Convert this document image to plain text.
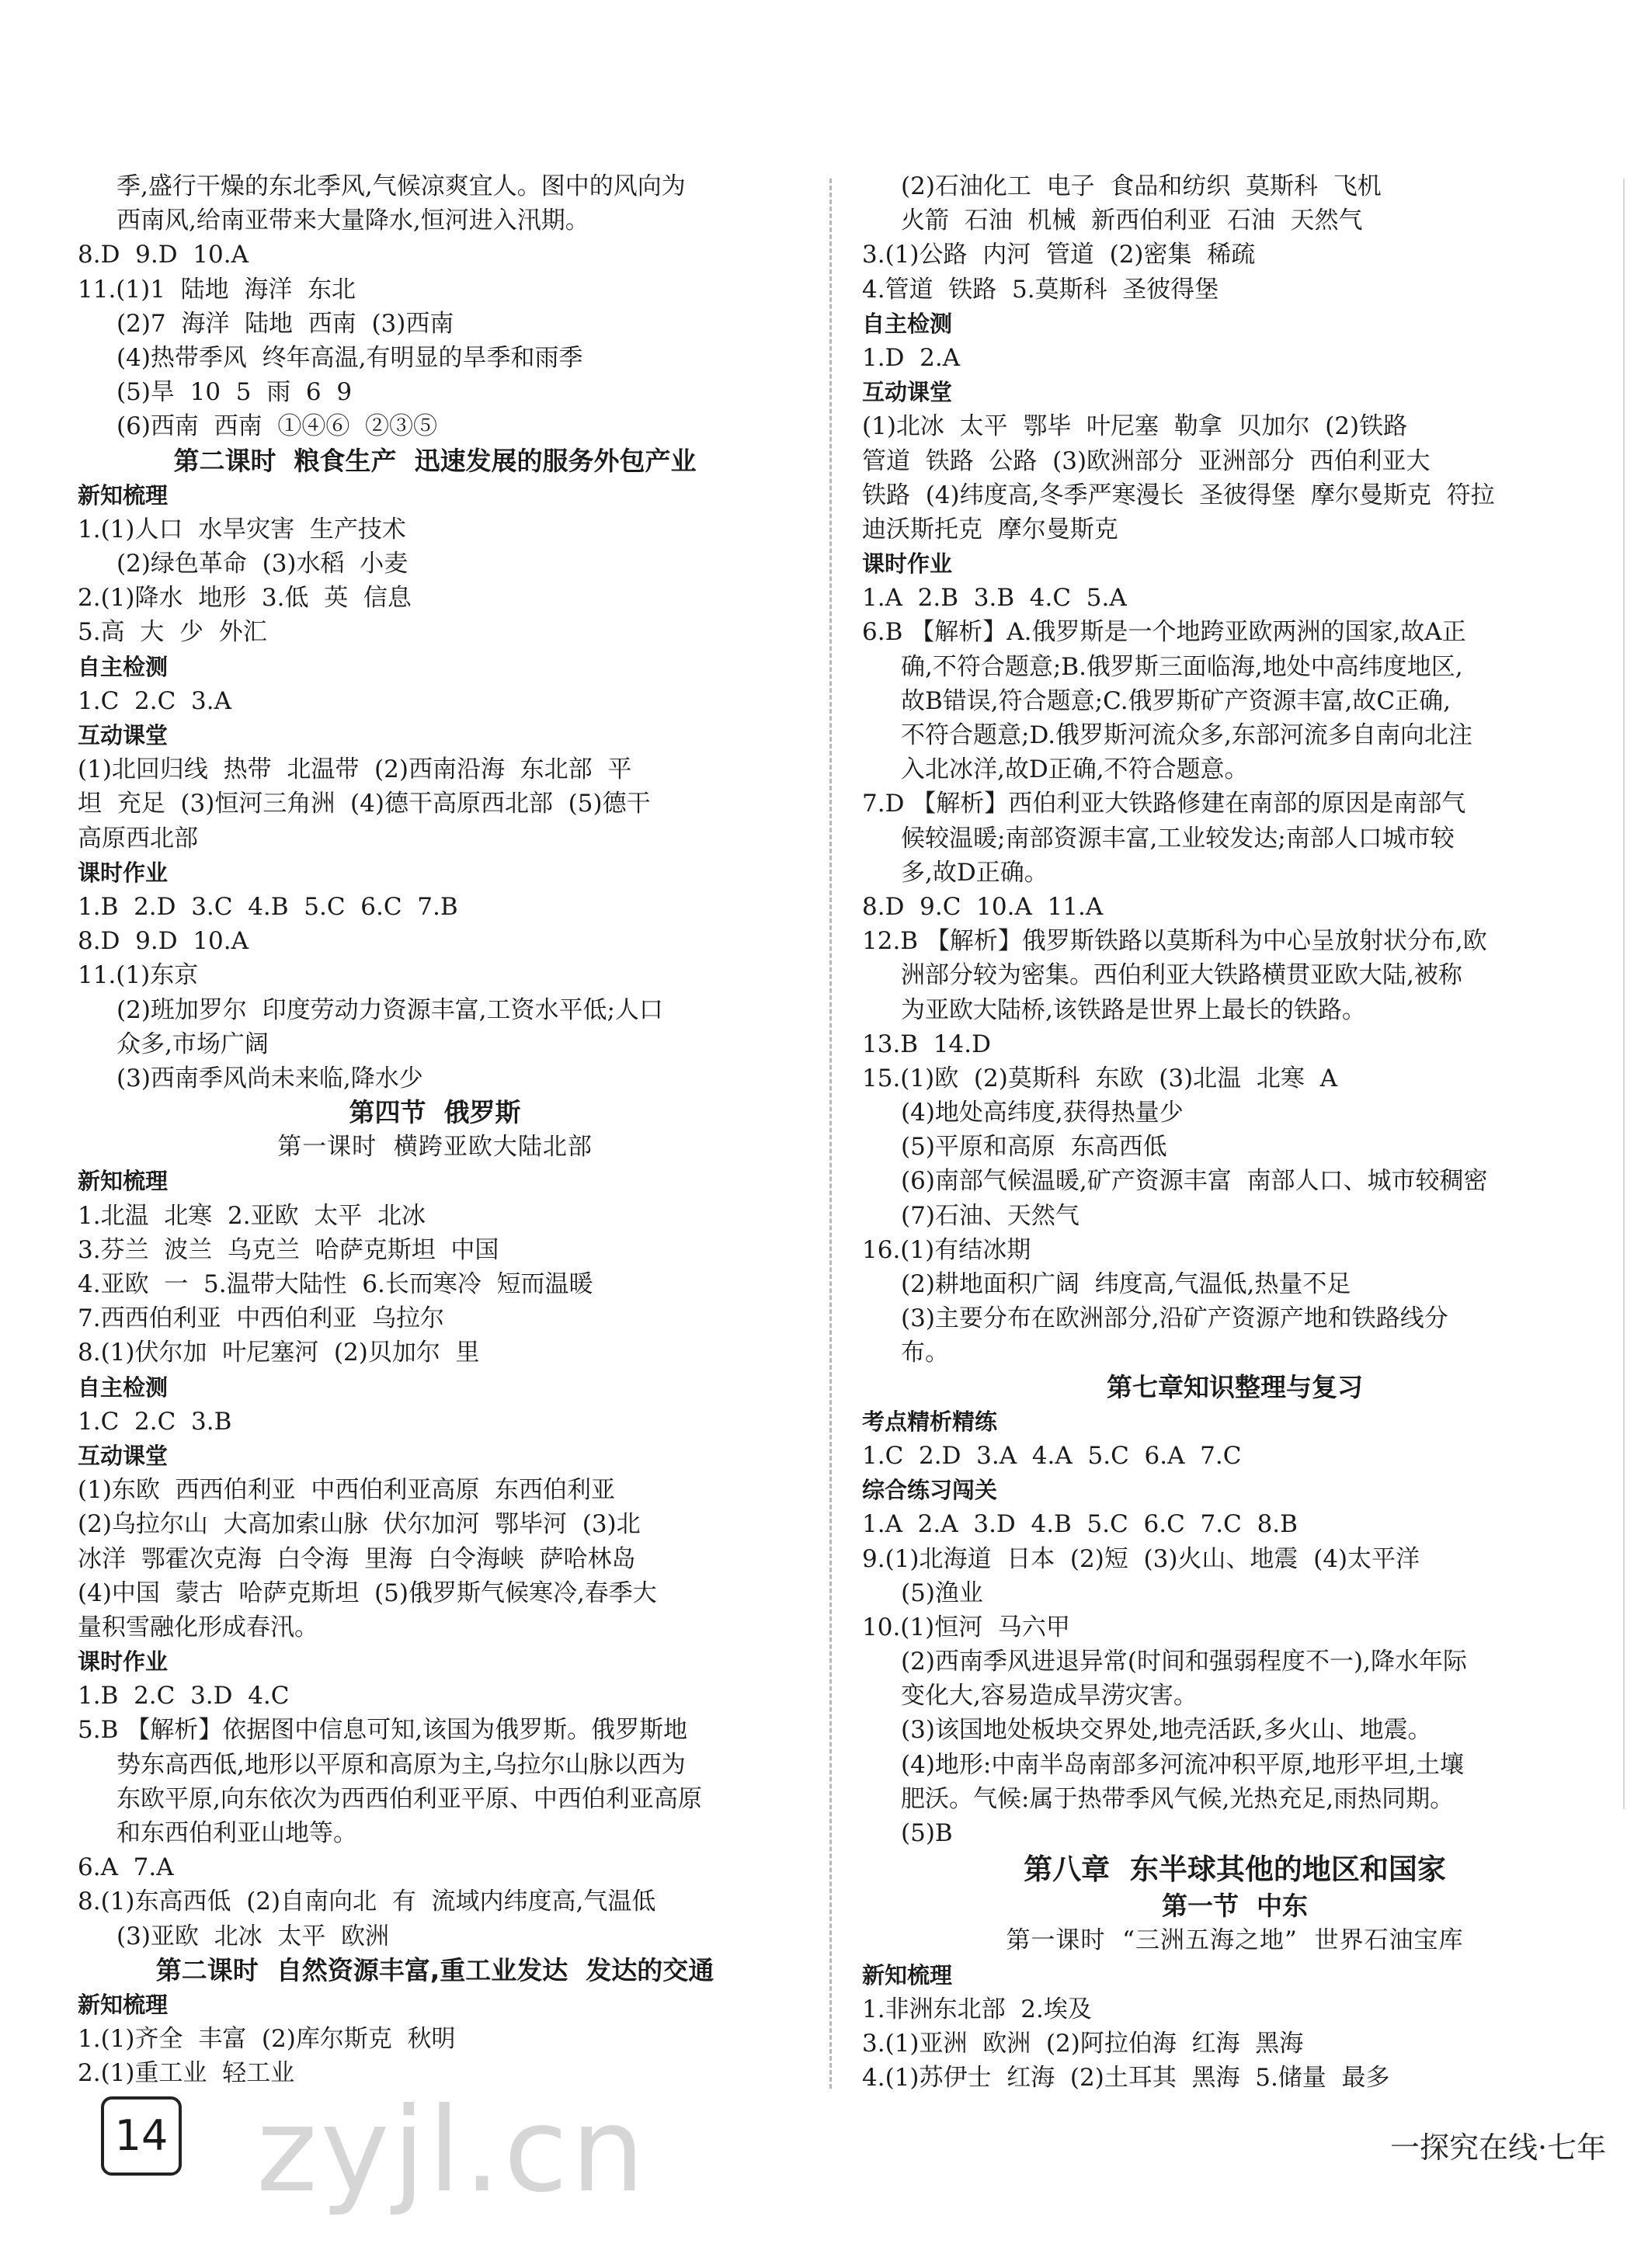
季,盛行干燥的东北季风,气候凉爽宜人。图中的风向为
西南风,给南亚带来大量降水,恒河进入汛期。
8.D  9.D  10.A
11.(1)1  陆地  海洋  东北
(2)7  海洋  陆地  西南  (3)西南
(4)热带季风  终年高温,有明显的旱季和雨季
(5)旱  10  5  雨  6  9
(6)西南  西南  ①④⑥  ②③⑤
第二课时  粮食生产  迅速发展的服务外包产业
新知梳理
1.(1)人口  水旱灾害  生产技术
(2)绿色革命  (3)水稻  小麦
2.(1)降水  地形  3.低  英  信息
5.高  大  少  外汇
自主检测
1.C  2.C  3.A
互动课堂
(1)北回归线  热带  北温带  (2)西南沿海  东北部  平
坦  充足  (3)恒河三角洲  (4)德干高原西北部  (5)德干
高原西北部
课时作业
1.B  2.D  3.C  4.B  5.C  6.C  7.B
8.D  9.D  10.A
11.(1)东京
(2)班加罗尔  印度劳动力资源丰富,工资水平低;人口
众多,市场广阔
(3)西南季风尚未来临,降水少
第四节  俄罗斯
第一课时  横跨亚欧大陆北部
新知梳理
1.北温  北寒  2.亚欧  太平  北冰
3.芬兰  波兰  乌克兰  哈萨克斯坦  中国
4.亚欧  一  5.温带大陆性  6.长而寒冷  短而温暖
7.西西伯利亚  中西伯利亚  乌拉尔
8.(1)伏尔加  叶尼塞河  (2)贝加尔  里
自主检测
1.C  2.C  3.B
互动课堂
(1)东欧  西西伯利亚  中西伯利亚高原  东西伯利亚
(2)乌拉尔山  大高加索山脉  伏尔加河  鄂毕河  (3)北
冰洋  鄂霍次克海  白令海  里海  白令海峡  萨哈林岛
(4)中国  蒙古  哈萨克斯坦  (5)俄罗斯气候寒冷,春季大
量积雪融化形成春汛。
课时作业
1.B  2.C  3.D  4.C
5.B 【解析】依据图中信息可知,该国为俄罗斯。俄罗斯地
势东高西低,地形以平原和高原为主,乌拉尔山脉以西为
东欧平原,向东依次为西西伯利亚平原、中西伯利亚高原
和东西伯利亚山地等。
6.A  7.A
8.(1)东高西低  (2)自南向北  有  流域内纬度高,气温低
(3)亚欧  北冰  太平  欧洲
第二课时  自然资源丰富,重工业发达  发达的交通
新知梳理
1.(1)齐全  丰富  (2)库尔斯克  秋明
2.(1)重工业  轻工业
(2)石油化工  电子  食品和纺织  莫斯科  飞机
火箭  石油  机械  新西伯利亚  石油  天然气
3.(1)公路  内河  管道  (2)密集  稀疏
4.管道  铁路  5.莫斯科  圣彼得堡
自主检测
1.D  2.A
互动课堂
(1)北冰  太平  鄂毕  叶尼塞  勒拿  贝加尔  (2)铁路
管道  铁路  公路  (3)欧洲部分  亚洲部分  西伯利亚大
铁路  (4)纬度高,冬季严寒漫长  圣彼得堡  摩尔曼斯克  符拉
迪沃斯托克  摩尔曼斯克
课时作业
1.A  2.B  3.B  4.C  5.A
6.B 【解析】A.俄罗斯是一个地跨亚欧两洲的国家,故A正
确,不符合题意;B.俄罗斯三面临海,地处中高纬度地区,
故B错误,符合题意;C.俄罗斯矿产资源丰富,故C正确,
不符合题意;D.俄罗斯河流众多,东部河流多自南向北注
入北冰洋,故D正确,不符合题意。
7.D 【解析】西伯利亚大铁路修建在南部的原因是南部气
候较温暖;南部资源丰富,工业较发达;南部人口城市较
多,故D正确。
8.D  9.C  10.A  11.A
12.B 【解析】俄罗斯铁路以莫斯科为中心呈放射状分布,欧
洲部分较为密集。西伯利亚大铁路横贯亚欧大陆,被称
为亚欧大陆桥,该铁路是世界上最长的铁路。
13.B  14.D
15.(1)欧  (2)莫斯科  东欧  (3)北温  北寒  A
(4)地处高纬度,获得热量少
(5)平原和高原  东高西低
(6)南部气候温暖,矿产资源丰富  南部人口、城市较稠密
(7)石油、天然气
16.(1)有结冰期
(2)耕地面积广阔  纬度高,气温低,热量不足
(3)主要分布在欧洲部分,沿矿产资源产地和铁路线分
布。
第七章知识整理与复习
考点精析精练
1.C  2.D  3.A  4.A  5.C  6.A  7.C
综合练习闯关
1.A  2.A  3.D  4.B  5.C  6.C  7.C  8.B
9.(1)北海道  日本  (2)短  (3)火山、地震  (4)太平洋
(5)渔业
10.(1)恒河  马六甲
(2)西南季风进退异常(时间和强弱程度不一),降水年际
变化大,容易造成旱涝灾害。
(3)该国地处板块交界处,地壳活跃,多火山、地震。
(4)地形:中南半岛南部多河流冲积平原,地形平坦,土壤
肥沃。气候:属于热带季风气候,光热充足,雨热同期。
(5)B
第八章  东半球其他的地区和国家
第一节  中东
第一课时  “三洲五海之地”  世界石油宝库
新知梳理
1.非洲东北部  2.埃及
3.(1)亚洲  欧洲  (2)阿拉伯海  红海  黑海
4.(1)苏伊士  红海  (2)土耳其  黑海  5.储量  最多
14 zyjl.cn	一探究在线·七年
